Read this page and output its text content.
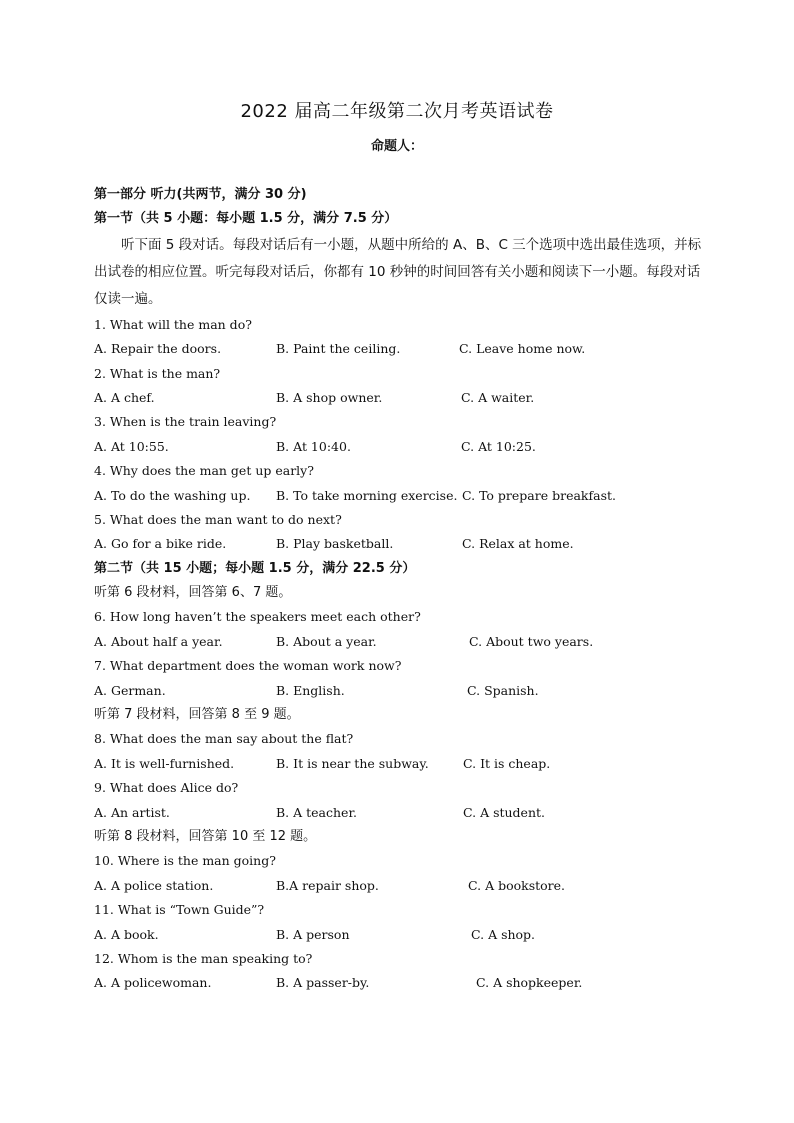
2022 届高二年级第二次月考英语试卷
命题人：
第一部分 听力(共两节，满分 30 分)
第一节（共 5 小题：每小题 1.5 分，满分 7.5 分）
听下面 5 段对话。每段对话后有一小题，从题中所给的 A、B、C 三个选项中选出最佳选项，并标出试卷的相应位置。听完每段对话后，你都有 10 秒钟的时间回答有关小题和阅读下一小题。每段对话仅读一遍。
1. What will the man do?
A. Repair the doors.	B. Paint the ceiling.	C. Leave home now.
2. What is the man?
A. A chef.	B. A shop owner.	C. A waiter.
3. When is the train leaving?
A. At 10:55.	B. At 10:40.	C. At 10:25.
4. Why does the man get up early?
A. To do the washing up.	B. To take morning exercise. C. To prepare breakfast.
5. What does the man want to do next?
A. Go for a bike ride.	B. Play basketball.	C. Relax at home.
第二节（共 15 小题；每小题 1.5 分，满分 22.5 分）
听第 6 段材料，回答第 6、7 题。
6. How long haven’t the speakers meet each other?
A. About half a year.	B. About a year.	C. About two years.
7. What department does the woman work now?
A. German.	B. English.	C. Spanish.
听第 7 段材料，回答第 8 至 9 题。
8. What does the man say about the flat?
A. It is well-furnished.	B. It is near the subway.	C. It is cheap.
9. What does Alice do?
A. An artist.	B. A teacher.	C. A student.
听第 8 段材料，回答第 10 至 12 题。
10. Where is the man going?
A. A police station.	B.A repair shop.	C. A bookstore.
11. What is “Town Guide”?
A. A book.	B. A person	C. A shop.
12. Whom is the man speaking to?
A. A policewoman.	B. A passer-by.	C. A shopkeeper.
